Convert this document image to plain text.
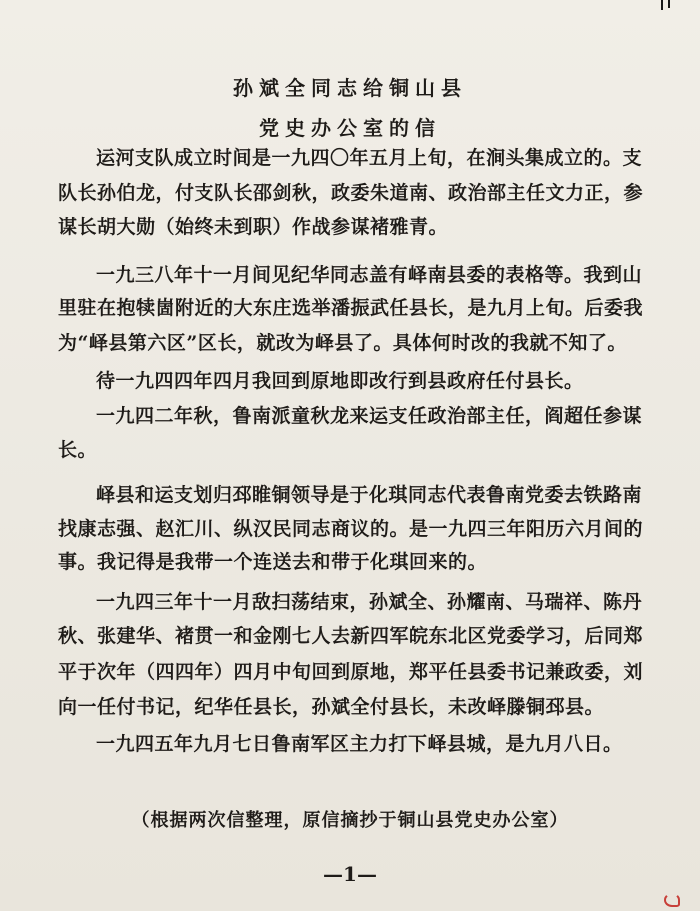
孙斌全同志给铜山县
党史办公室的信
运河支队成立时间是一九四〇年五月上旬，在涧头集成立的。支
队长孙伯龙，付支队长邵剑秋，政委朱道南、政治部主任文力正，参
谋长胡大勋（始终未到职）作战参谋褚雅青。
一九三八年十一月间见纪华同志盖有峄南县委的表格等。我到山
里驻在抱犊崮附近的大东庄选举潘振武任县长，是九月上旬。后委我
为“峄县第六区”区长，就改为峄县了。具体何时改的我就不知了。
待一九四四年四月我回到原地即改行到县政府任付县长。
一九四二年秋，鲁南派童秋龙来运支任政治部主任，阎超任参谋
长。
峄县和运支划归邳睢铜领导是于化琪同志代表鲁南党委去铁路南
找康志强、赵汇川、纵汉民同志商议的。是一九四三年阳历六月间的
事。我记得是我带一个连送去和带于化琪回来的。
一九四三年十一月敌扫荡结束，孙斌全、孙耀南、马瑞祥、陈丹
秋、张建华、褚贯一和金刚七人去新四军皖东北区党委学习，后同郑
平于次年（四四年）四月中旬回到原地，郑平任县委书记兼政委，刘
向一任付书记，纪华任县长，孙斌全付县长，未改峄滕铜邳县。
一九四五年九月七日鲁南军区主力打下峄县城，是九月八日。
（根据两次信整理，原信摘抄于铜山县党史办公室）
—1—
